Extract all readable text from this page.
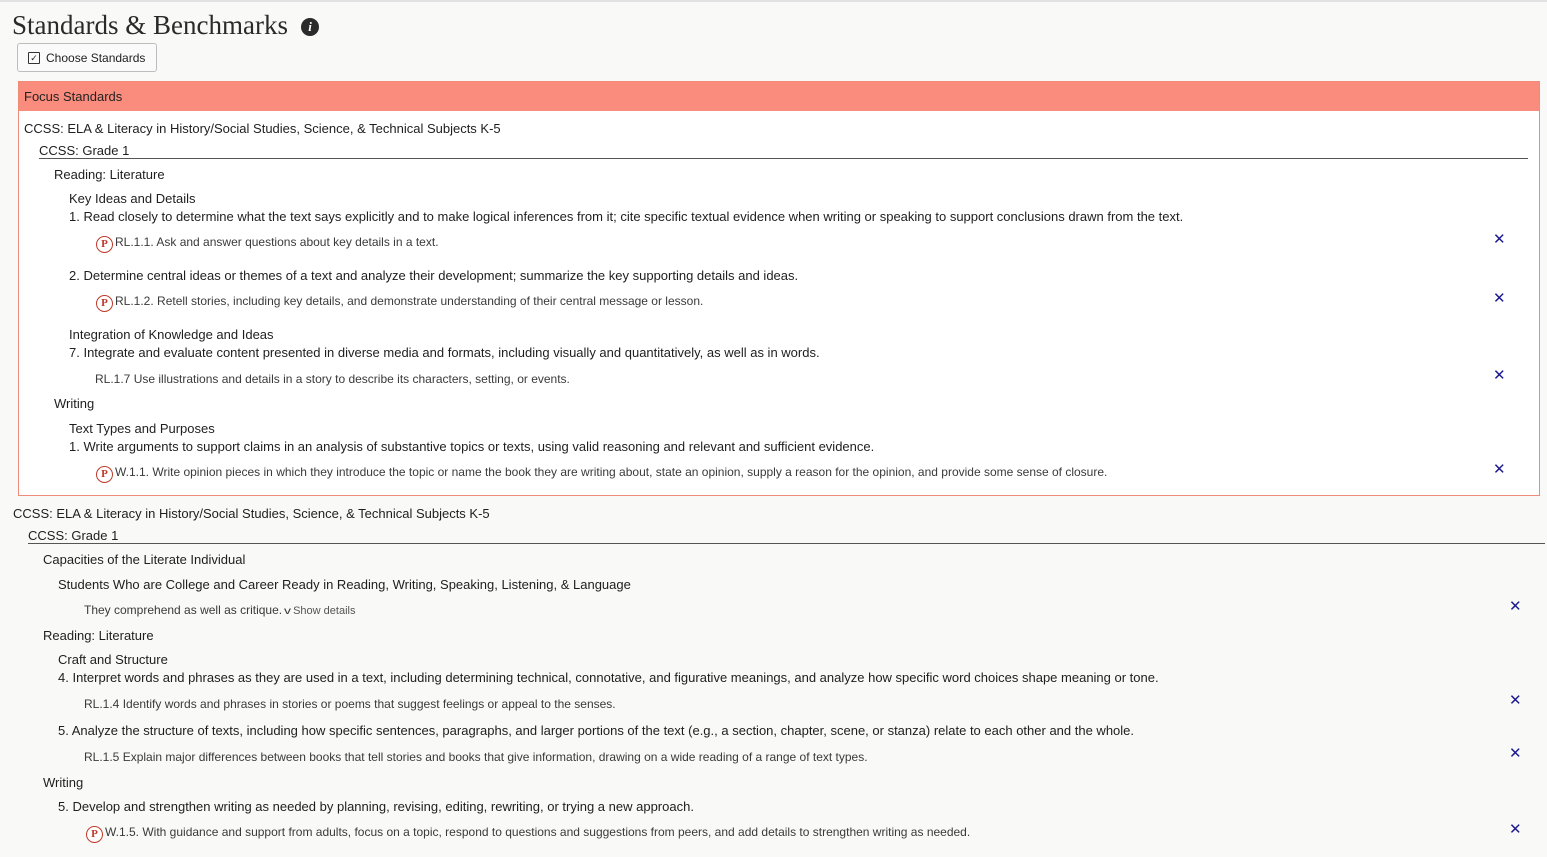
Standards & Benchmarks	i
✓ Choose Standards
Focus Standards
CCSS: ELA & Literacy in History/Social Studies, Science, & Technical Subjects K-5
CCSS: Grade 1
Reading: Literature
Key Ideas and Details
1. Read closely to determine what the text says explicitly and to make logical inferences from it; cite specific textual evidence when writing or speaking to support conclusions drawn from the text.
P RL.1.1. Ask and answer questions about key details in a text.	✕
2. Determine central ideas or themes of a text and analyze their development; summarize the key supporting details and ideas.
P RL.1.2. Retell stories, including key details, and demonstrate understanding of their central message or lesson.	✕
Integration of Knowledge and Ideas
7. Integrate and evaluate content presented in diverse media and formats, including visually and quantitatively, as well as in words.
RL.1.7 Use illustrations and details in a story to describe its characters, setting, or events.	✕
Writing
Text Types and Purposes
1. Write arguments to support claims in an analysis of substantive topics or texts, using valid reasoning and relevant and sufficient evidence.
P W.1.1. Write opinion pieces in which they introduce the topic or name the book they are writing about, state an opinion, supply a reason for the opinion, and provide some sense of closure.	✕
CCSS: ELA & Literacy in History/Social Studies, Science, & Technical Subjects K-5
CCSS: Grade 1
Capacities of the Literate Individual
Students Who are College and Career Ready in Reading, Writing, Speaking, Listening, & Language
They comprehend as well as critique. v Show details	✕
Reading: Literature
Craft and Structure
4. Interpret words and phrases as they are used in a text, including determining technical, connotative, and figurative meanings, and analyze how specific word choices shape meaning or tone.
RL.1.4 Identify words and phrases in stories or poems that suggest feelings or appeal to the senses.	✕
5. Analyze the structure of texts, including how specific sentences, paragraphs, and larger portions of the text (e.g., a section, chapter, scene, or stanza) relate to each other and the whole.
RL.1.5 Explain major differences between books that tell stories and books that give information, drawing on a wide reading of a range of text types.	✕
Writing
5. Develop and strengthen writing as needed by planning, revising, editing, rewriting, or trying a new approach.
P W.1.5. With guidance and support from adults, focus on a topic, respond to questions and suggestions from peers, and add details to strengthen writing as needed.	✕
